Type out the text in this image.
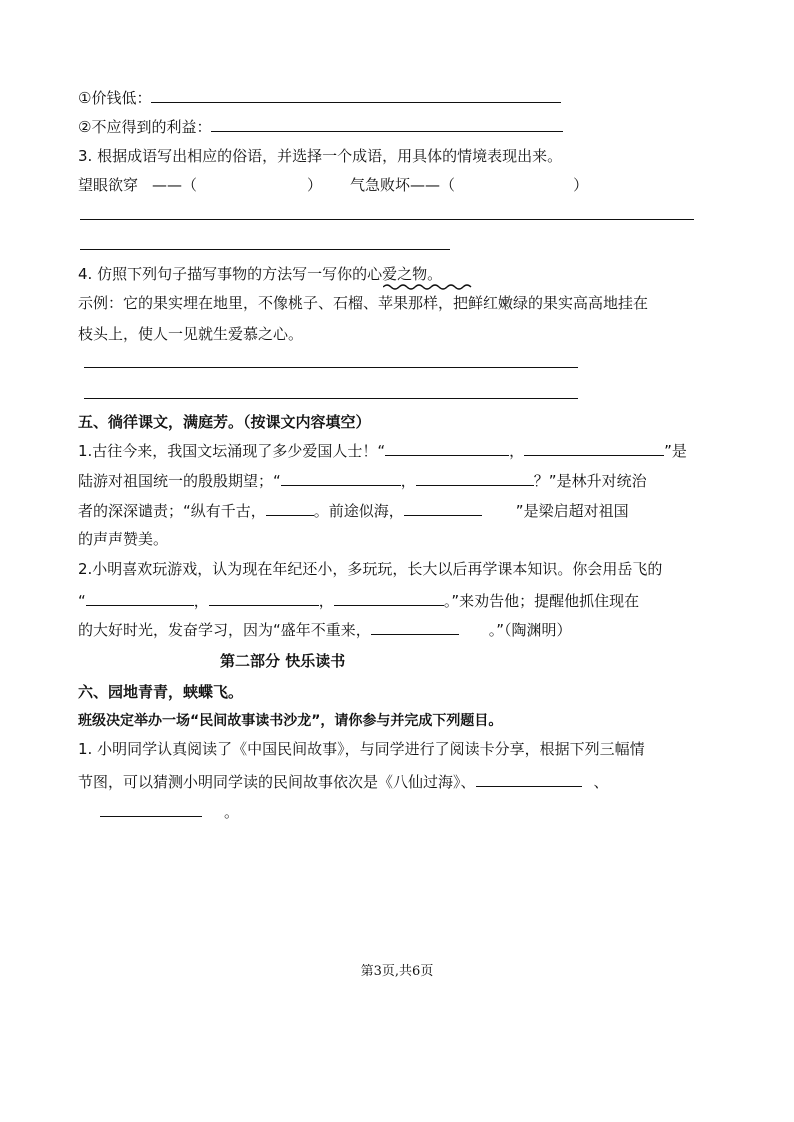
①价钱低：
②不应得到的利益：
3. 根据成语写出相应的俗语，并选择一个成语，用具体的情境表现出来。
望眼欲穿 ——（	） 气急败坏——（	）
4. 仿照下列句子描写事物的方法写一写你的心爱之物。
示例：它的果实埋在地里，不像桃子、石榴、苹果那样，把鲜红嫩绿的果实高高地挂在
枝头上，使人一见就生爱慕之心。
五、徜徉课文，满庭芳。（按课文内容填空）
1.古往今来，我国文坛涌现了多少爱国人士！“	，	”是
陆游对祖国统一的殷殷期望；“	，	？”是林升对统治
者的深深谴责；“纵有千古，	。前途似海，	”是梁启超对祖国
的声声赞美。
2.小明喜欢玩游戏，认为现在年纪还小，多玩玩，长大以后再学课本知识。你会用岳飞的
“	，	，	。”来劝告他；提醒他抓住现在
的大好时光，发奋学习，因为“盛年不重来，	。”（陶渊明）
第二部分 快乐读书
六、园地青青，蛱蝶飞。
班级决定举办一场“民间故事读书沙龙”，请你参与并完成下列题目。
1. 小明同学认真阅读了《中国民间故事》，与同学进行了阅读卡分享，根据下列三幅情
节图，可以猜测小明同学读的民间故事依次是《八仙过海》、	、
。
第3页,共6页
